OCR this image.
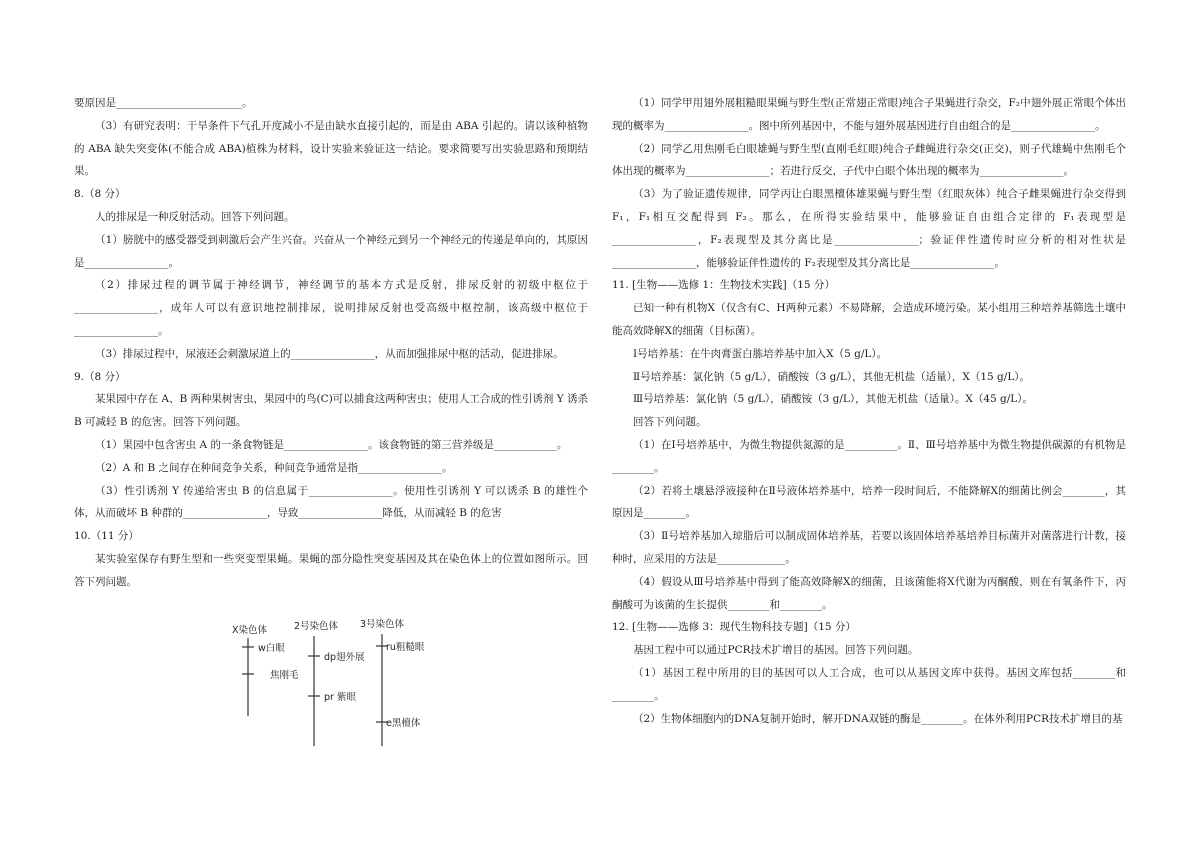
要原因是________________________。

（3）有研究表明：干旱条件下气孔开度减小不是由缺水直接引起的，而是由 ABA 引起的。请以该种植物的 ABA 缺失突变体(不能合成 ABA)植株为材料，设计实验来验证这一结论。要求简要写出实验思路和预期结果。

8.（8 分）

人的排尿是一种反射活动。回答下列问题。

（1）膀胱中的感受器受到刺激后会产生兴奋。兴奋从一个神经元到另一个神经元的传递是单向的，其原因是________________。

（2）排尿过程的调节属于神经调节，神经调节的基本方式是反射，排尿反射的初级中枢位于________________，成年人可以有意识地控制排尿，说明排尿反射也受高级中枢控制，该高级中枢位于________________。

（3）排尿过程中，尿液还会刺激尿道上的________________，从而加强排尿中枢的活动，促进排尿。

9.（8 分）

某果园中存在 A、B 两种果树害虫，果园中的鸟(C)可以捕食这两种害虫；使用人工合成的性引诱剂 Y 诱杀 B 可减轻 B 的危害。回答下列问题。

（1）果园中包含害虫 A 的一条食物链是________________。该食物链的第三营养级是____________。

（2）A 和 B 之间存在种间竞争关系，种间竞争通常是指________________。

（3）性引诱剂 Y 传递给害虫 B 的信息属于________________。使用性引诱剂 Y 可以诱杀 B 的雄性个体，从而破坏 B 种群的________________，导致________________降低，从而减轻 B 的危害

10.（11 分）

某实验室保存有野生型和一些突变型果蝇。果蝇的部分隐性突变基因及其在染色体上的位置如图所示。回答下列问题。

X染色体	2号染色体 3号染色体
w白眼
焦刚毛
dp翅外展
pr 紫眼
ru粗糙眼
e黑檀体

（1）同学甲用翅外展粗糙眼果蝇与野生型(正常翅正常眼)纯合子果蝇进行杂交，F₂中翅外展正常眼个体出现的概率为________________。图中所列基因中，不能与翅外展基因进行自由组合的是________________。

（2）同学乙用焦刚毛白眼雄蝇与野生型(直刚毛红眼)纯合子雌蝇进行杂交(正交)，则子代雄蝇中焦刚毛个体出现的概率为________________；若进行反交，子代中白眼个体出现的概率为________________。

（3）为了验证遗传规律，同学丙让白眼黑檀体雄果蝇与野生型（红眼灰体）纯合子雌果蝇进行杂交得到 F₁，F₁相互交配得到 F₂。那么，在所得实验结果中，能够验证自由组合定律的 F₁表现型是________________，F₂表现型及其分离比是________________；验证伴性遗传时应分析的相对性状是________________，能够验证伴性遗传的 F₂表现型及其分离比是________________。

11. [生物——选修 1：生物技术实践]（15 分）

已知一种有机物X（仅含有C、H两种元素）不易降解，会造成环境污染。某小组用三种培养基筛选土壤中能高效降解X的细菌（目标菌）。

Ⅰ号培养基：在牛肉膏蛋白胨培养基中加入X（5 g/L）。

Ⅱ号培养基：氯化钠（5 g/L），硝酸铵（3 g/L），其他无机盐（适量），X（15 g/L）。

Ⅲ号培养基：氯化钠（5 g/L），硝酸铵（3 g/L），其他无机盐（适量）。X（45 g/L）。

回答下列问题。

（1）在Ⅰ号培养基中，为微生物提供氮源的是__________。Ⅱ、Ⅲ号培养基中为微生物提供碳源的有机物是________。

（2）若将土壤悬浮液接种在Ⅱ号液体培养基中，培养一段时间后，不能降解X的细菌比例会________，其原因是________。

（3）Ⅱ号培养基加入琼脂后可以制成固体培养基，若要以该固体培养基培养目标菌并对菌落进行计数，接种时，应采用的方法是_____________。

（4）假设从Ⅲ号培养基中得到了能高效降解X的细菌，且该菌能将X代谢为丙酮酸，则在有氧条件下，丙酮酸可为该菌的生长提供________和________。

12. [生物——选修 3：现代生物科技专题]（15 分）

基因工程中可以通过PCR技术扩增目的基因。回答下列问题。

（1）基因工程中所用的目的基因可以人工合成，也可以从基因文库中获得。基因文库包括________和________。

（2）生物体细胞内的DNA复制开始时，解开DNA双链的酶是________。在体外利用PCR技术扩增目的基
